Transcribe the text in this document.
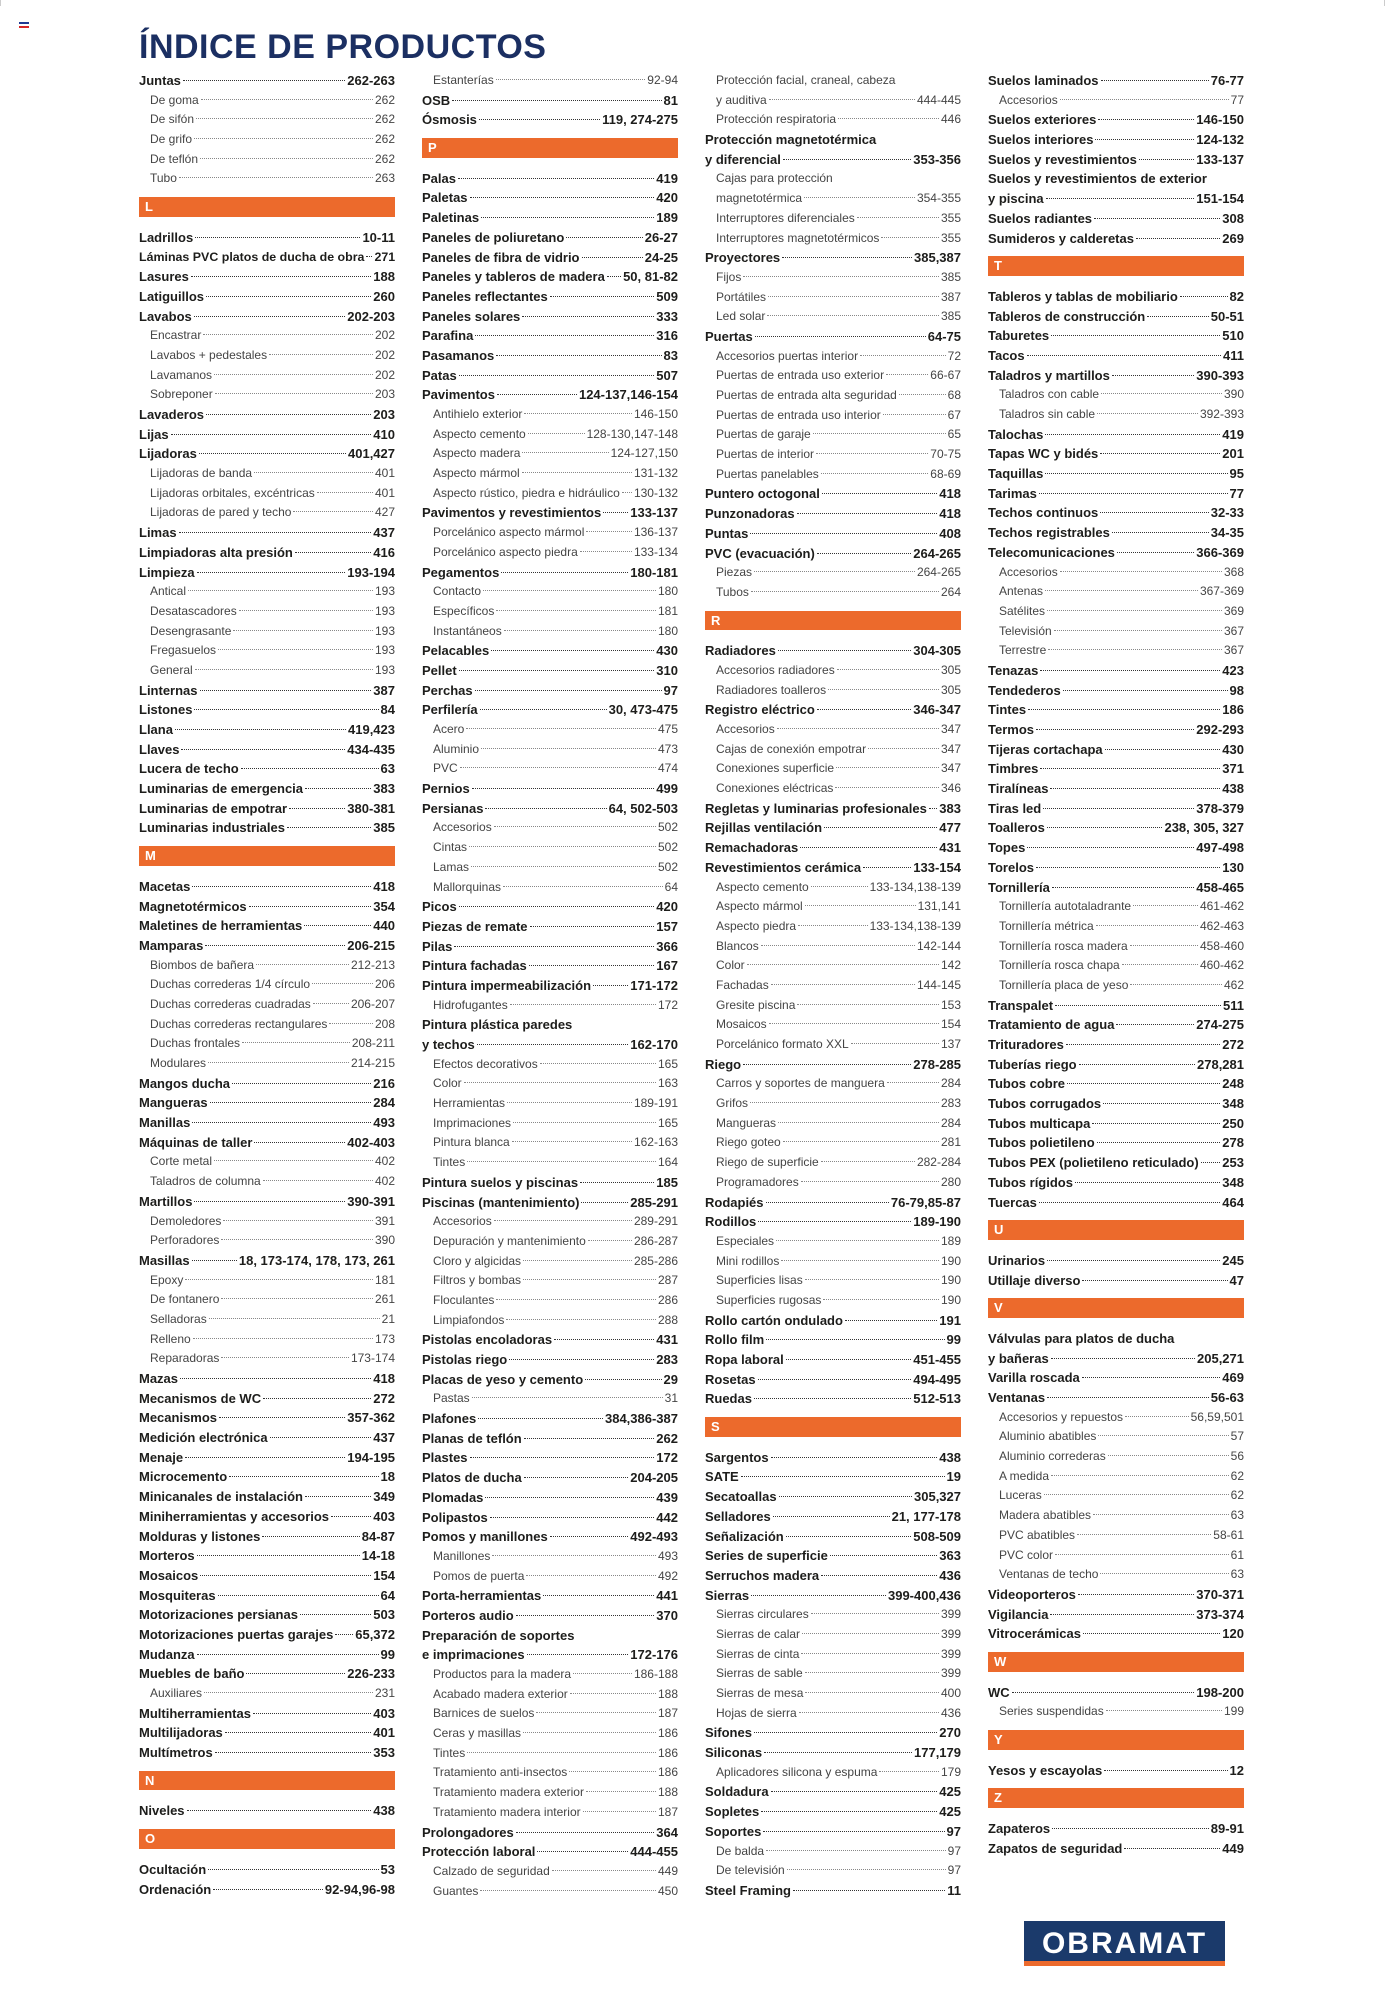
ÍNDICE DE PRODUCTOS
Juntas	262-263
De goma	262
De sifón	262
De grifo	262
De teflón	262
Tubo	263
L
Ladrillos	10-11
Láminas PVC platos de ducha de obra 271
Lasures	188
Latiguillos	260
Lavabos	202-203
Encastrar	202
Lavabos + pedestales	202
Lavamanos	202
Sobreponer	203
Lavaderos	203
Lijas	410
Lijadoras	401,427
Lijadoras de banda	401
Lijadoras orbitales, excéntricas	401
Lijadoras de pared y techo	427
Limas	437
Limpiadoras alta presión	416
Limpieza	193-194
Antical	193
Desatascadores	193
Desengrasante	193
Fregasuelos	193
General	193
Linternas	387
Listones	84
Llana	419,423
Llaves	434-435
Lucera de techo	63
Luminarias de emergencia	383
Luminarias de empotrar	380-381
Luminarias industriales	385
M
Macetas	418
Magnetotérmicos	354
Maletines de herramientas	440
Mamparas	206-215
Biombos de bañera	212-213
Duchas correderas 1/4 círculo	206
Duchas correderas cuadradas	206-207
Duchas correderas rectangulares	208
Duchas frontales	208-211
Modulares	214-215
Mangos ducha	216
Mangueras	284
Manillas	493
Máquinas de taller	402-403
Corte metal	402
Taladros de columna	402
Martillos	390-391
Demoledores	391
Perforadores	390
Masillas	18, 173-174, 178, 173, 261
Epoxy	181
De fontanero	261
Selladoras	21
Relleno	173
Reparadoras	173-174
Mazas	418
Mecanismos de WC	272
Mecanismos	357-362
Medición electrónica	437
Menaje	194-195
Microcemento	18
Minicanales de instalación	349
Miniherramientas y accesorios	403
Molduras y listones	84-87
Morteros	14-18
Mosaicos	154
Mosquiteras	64
Motorizaciones persianas	503
Motorizaciones puertas garajes 65,372
Mudanza	99
Muebles de baño	226-233
Auxiliares	231
Multiherramientas	403
Multilijadoras	401
Multímetros	353
N
Niveles	438
O
Ocultación	53
Ordenación	92-94,96-98
Estanterías	92-94
OSB	81
Ósmosis	119, 274-275
P
Palas	419
Paletas	420
Paletinas	189
Paneles de poliuretano	26-27
Paneles de fibra de vidrio	24-25
Paneles y tableros de madera 50, 81-82
Paneles reflectantes	509
Paneles solares	333
Parafina	316
Pasamanos	83
Patas	507
Pavimentos	124-137,146-154
Antihielo exterior	146-150
Aspecto cemento	128-130,147-148
Aspecto madera	124-127,150
Aspecto mármol	131-132
Aspecto rústico, piedra e hidráulico 130-132
Pavimentos y revestimientos 133-137
Porcelánico aspecto mármol	136-137
Porcelánico aspecto piedra	133-134
Pegamentos	180-181
Contacto	180
Específicos	181
Instantáneos	180
Pelacables	430
Pellet	310
Perchas	97
Perfilería	30, 473-475
Acero	475
Aluminio	473
PVC	474
Pernios	499
Persianas	64, 502-503
Accesorios	502
Cintas	502
Lamas	502
Mallorquinas	64
Picos	420
Piezas de remate	157
Pilas	366
Pintura fachadas	167
Pintura impermeabilización	171-172
Hidrofugantes	172
Pintura plástica paredes
y techos	162-170
Efectos decorativos	165
Color	163
Herramientas	189-191
Imprimaciones	165
Pintura blanca	162-163
Tintes	164
Pintura suelos y piscinas	185
Piscinas (mantenimiento)	285-291
Accesorios	289-291
Depuración y mantenimiento	286-287
Cloro y algicidas	285-286
Filtros y bombas	287
Floculantes	286
Limpiafondos	288
Pistolas encoladoras	431
Pistolas riego	283
Placas de yeso y cemento	29
Pastas	31
Plafones	384,386-387
Planas de teflón	262
Plastes	172
Platos de ducha	204-205
Plomadas	439
Polipastos	442
Pomos y manillones	492-493
Manillones	493
Pomos de puerta	492
Porta-herramientas	441
Porteros audio	370
Preparación de soportes
e imprimaciones	172-176
Productos para la madera	186-188
Acabado madera exterior	188
Barnices de suelos	187
Ceras y masillas	186
Tintes	186
Tratamiento anti-insectos	186
Tratamiento madera exterior	188
Tratamiento madera interior	187
Prolongadores	364
Protección laboral	444-455
Calzado de seguridad	449
Guantes	450
Protección facial, craneal, cabeza
y auditiva	444-445
Protección respiratoria	446
Protección magnetotérmica
y diferencial	353-356
Cajas para protección
magnetotérmica	354-355
Interruptores diferenciales	355
Interruptores magnetotérmicos	355
Proyectores	385,387
Fijos	385
Portátiles	387
Led solar	385
Puertas	64-75
Accesorios puertas interior	72
Puertas de entrada uso exterior	66-67
Puertas de entrada alta seguridad	68
Puertas de entrada uso interior	67
Puertas de garaje	65
Puertas de interior	70-75
Puertas panelables	68-69
Puntero octogonal	418
Punzonadoras	418
Puntas	408
PVC (evacuación)	264-265
Piezas	264-265
Tubos	264
R
Radiadores	304-305
Accesorios radiadores	305
Radiadores toalleros	305
Registro eléctrico	346-347
Accesorios	347
Cajas de conexión empotrar	347
Conexiones superficie	347
Conexiones eléctricas	346
Regletas y luminarias profesionales 383
Rejillas ventilación	477
Remachadoras	431
Revestimientos cerámica	133-154
Aspecto cemento	133-134,138-139
Aspecto mármol	131,141
Aspecto piedra	133-134,138-139
Blancos	142-144
Color	142
Fachadas	144-145
Gresite piscina	153
Mosaicos	154
Porcelánico formato XXL	137
Riego	278-285
Carros y soportes de manguera	284
Grifos	283
Mangueras	284
Riego goteo	281
Riego de superficie	282-284
Programadores	280
Rodapiés	76-79,85-87
Rodillos	189-190
Especiales	189
Mini rodillos	190
Superficies lisas	190
Superficies rugosas	190
Rollo cartón ondulado	191
Rollo film	99
Ropa laboral	451-455
Rosetas	494-495
Ruedas	512-513
S
Sargentos	438
SATE	19
Secatoallas	305,327
Selladores	21, 177-178
Señalización	508-509
Series de superficie	363
Serruchos madera	436
Sierras	399-400,436
Sierras circulares	399
Sierras de calar	399
Sierras de cinta	399
Sierras de sable	399
Sierras de mesa	400
Hojas de sierra	436
Sifones	270
Siliconas	177,179
Aplicadores silicona y espuma	179
Soldadura	425
Sopletes	425
Soportes	97
De balda	97
De televisión	97
Steel Framing	11
Suelos laminados	76-77
Accesorios	77
Suelos exteriores	146-150
Suelos interiores	124-132
Suelos y revestimientos	133-137
Suelos y revestimientos de exterior
y piscina	151-154
Suelos radiantes	308
Sumideros y calderetas	269
T
Tableros y tablas de mobiliario	82
Tableros de construcción	50-51
Taburetes	510
Tacos	411
Taladros y martillos	390-393
Taladros con cable	390
Taladros sin cable	392-393
Talochas	419
Tapas WC y bidés	201
Taquillas	95
Tarimas	77
Techos continuos	32-33
Techos registrables	34-35
Telecomunicaciones	366-369
Accesorios	368
Antenas	367-369
Satélites	369
Televisión	367
Terrestre	367
Tenazas	423
Tendederos	98
Tintes	186
Termos	292-293
Tijeras cortachapa	430
Timbres	371
Tiralíneas	438
Tiras led	378-379
Toalleros	238, 305, 327
Topes	497-498
Torelos	130
Tornillería	458-465
Tornillería autotaladrante	461-462
Tornillería métrica	462-463
Tornillería rosca madera	458-460
Tornillería rosca chapa	460-462
Tornillería placa de yeso	462
Transpalet	511
Tratamiento de agua	274-275
Trituradores	272
Tuberías riego	278,281
Tubos cobre	248
Tubos corrugados	348
Tubos multicapa	250
Tubos polietileno	278
Tubos PEX (polietileno reticulado) 253
Tubos rígidos	348
Tuercas	464
U
Urinarios	245
Utillaje diverso	47
V
Válvulas para platos de ducha
y bañeras	205,271
Varilla roscada	469
Ventanas	56-63
Accesorios y repuestos	56,59,501
Aluminio abatibles	57
Aluminio correderas	56
A medida	62
Luceras	62
Madera abatibles	63
PVC abatibles	58-61
PVC color	61
Ventanas de techo	63
Videoporteros	370-371
Vigilancia	373-374
Vitrocerámicas	120
W
WC	198-200
Series suspendidas	199
Y
Yesos y escayolas	12
Z
Zapateros	89-91
Zapatos de seguridad	449
OBRAMAT
